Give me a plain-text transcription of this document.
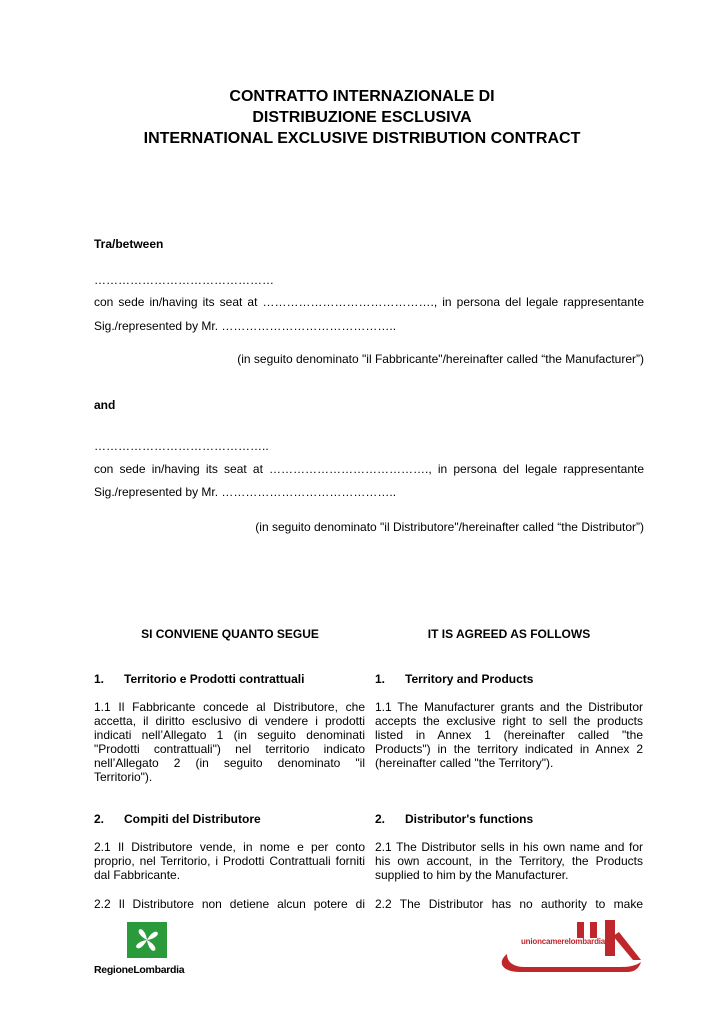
CONTRATTO INTERNAZIONALE DI
DISTRIBUZIONE ESCLUSIVA
INTERNATIONAL EXCLUSIVE DISTRIBUTION CONTRACT
Tra/between
………………………………………
con sede in/having its seat at ……………………………………., in persona del legale rappresentante
Sig./represented by Mr. ……………………………………..
(in seguito denominato "il Fabbricante"/hereinafter called “the Manufacturer”)
and
……………………………………..
con sede in/having its seat at …………………………………., in persona del legale rappresentante
Sig./represented by Mr. ……………………………………..
(in seguito denominato "il Distributore"/hereinafter called “the Distributor”)
SI CONVIENE QUANTO SEGUE	IT IS AGREED AS FOLLOWS
1. Territorio e Prodotti contrattuali	1. Territory and Products
1.1 Il Fabbricante concede al Distributore, che accetta, il diritto esclusivo di vendere i prodotti indicati nell’Allegato 1 (in seguito denominati "Prodotti contrattuali") nel territorio indicato nell’Allegato 2 (in seguito denominato "il Territorio").
1.1 The Manufacturer grants and the Distributor accepts the exclusive right to sell the products listed in Annex 1 (hereinafter called "the Products") in the territory indicated in Annex 2 (hereinafter called "the Territory").
2. Compiti del Distributore	2. Distributor's functions
2.1 Il Distributore vende, in nome e per conto proprio, nel Territorio, i Prodotti Contrattuali forniti dal Fabbricante.
2.1 The Distributor sells in his own name and for his own account, in the Territory, the Products supplied to him by the Manufacturer.
2.2 Il Distributore non detiene alcun potere di 2.2 The Distributor has no authority to make
RegioneLombardia
unioncamerelombardia
